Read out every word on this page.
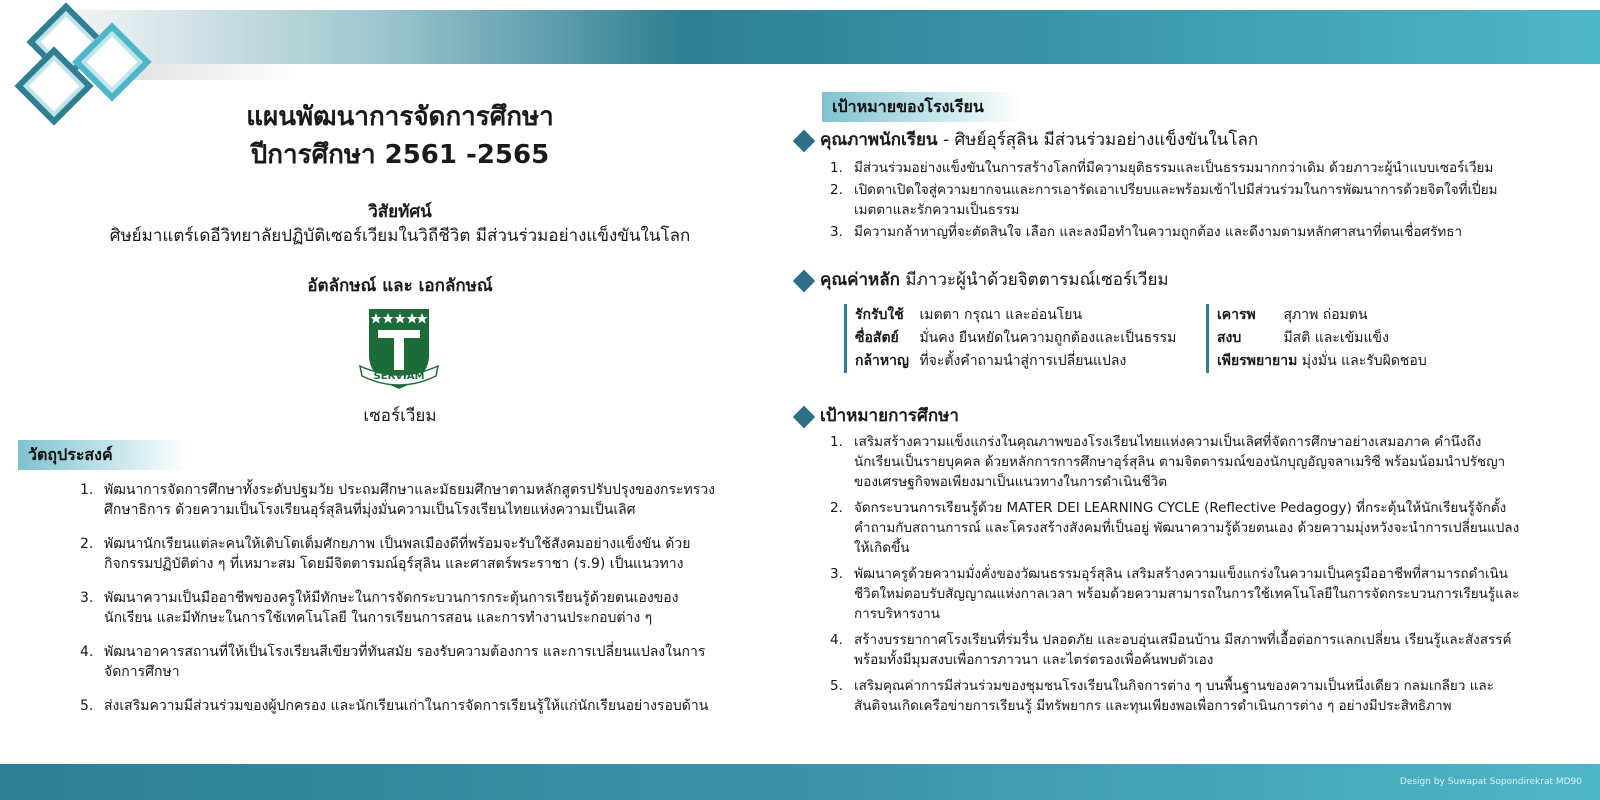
แผนพัฒนาการจัดการศึกษา
ปีการศึกษา 2561 -2565
วิสัยทัศน์
ศิษย์มาแตร์เดอีวิทยาลัยปฏิบัติเซอร์เวียมในวิถีชีวิต มีส่วนร่วมอย่างแข็งขันในโลก
อัตลักษณ์ และ เอกลักษณ์
SERVIAM
เซอร์เวียม
วัตถุประสงค์
1. พัฒนาการจัดการศึกษาทั้งระดับปฐมวัย ประถมศึกษาและมัธยมศึกษาตามหลักสูตรปรับปรุงของกระทรวงศึกษาธิการ ด้วยความเป็นโรงเรียนอุร์สุลินที่มุ่งมั่นความเป็นโรงเรียนไทยแห่งความเป็นเลิศ
2. พัฒนานักเรียนแต่ละคนให้เติบโตเต็มศักยภาพ เป็นพลเมืองดีที่พร้อมจะรับใช้สังคมอย่างแข็งขัน ด้วยกิจกรรมปฏิบัติต่าง ๆ ที่เหมาะสม โดยมีจิตตารมณ์อุร์สุลิน และศาสตร์พระราชา (ร.9) เป็นแนวทาง
3. พัฒนาความเป็นมืออาชีพของครูให้มีทักษะในการจัดกระบวนการกระตุ้นการเรียนรู้ด้วยตนเองของนักเรียน และมีทักษะในการใช้เทคโนโลยี ในการเรียนการสอน และการทำงานประกอบต่าง ๆ
4. พัฒนาอาคารสถานที่ให้เป็นโรงเรียนสีเขียวที่ทันสมัย รองรับความต้องการ และการเปลี่ยนแปลงในการจัดการศึกษา
5. ส่งเสริมความมีส่วนร่วมของผู้ปกครอง และนักเรียนเก่าในการจัดการเรียนรู้ให้แก่นักเรียนอย่างรอบด้าน
เป้าหมายของโรงเรียน
คุณภาพนักเรียน - ศิษย์อุร์สุลิน มีส่วนร่วมอย่างแข็งขันในโลก
1. มีส่วนร่วมอย่างแข็งขันในการสร้างโลกที่มีความยุติธรรมและเป็นธรรมมากกว่าเดิม ด้วยภาวะผู้นำแบบเซอร์เวียม
2. เปิดตาเปิดใจสู่ความยากจนและการเอารัดเอาเปรียบและพร้อมเข้าไปมีส่วนร่วมในการพัฒนาการด้วยจิตใจที่เปี่ยมเมตตาและรักความเป็นธรรม
3. มีความกล้าหาญที่จะตัดสินใจ เลือก และลงมือทำในความถูกต้อง และดีงามตามหลักศาสนาที่ตนเชื่อศรัทธา
คุณค่าหลัก มีภาวะผู้นำด้วยจิตตารมณ์เซอร์เวียม
รักรับใช้ เมตตา กรุณา และอ่อนโยน
ซื่อสัตย์ มั่นคง ยืนหยัดในความถูกต้องและเป็นธรรม
กล้าหาญ ที่จะตั้งคำถามนำสู่การเปลี่ยนแปลง
เคารพ สุภาพ ถ่อมตน
สงบ	มีสติ และเข้มแข็ง
เพียรพยายาม มุ่งมั่น และรับผิดชอบ
เป้าหมายการศึกษา
1. เสริมสร้างความแข็งแกร่งในคุณภาพของโรงเรียนไทยแห่งความเป็นเลิศที่จัดการศึกษาอย่างเสมอภาค คำนึงถึงนักเรียนเป็นรายบุคคล ด้วยหลักการการศึกษาอุร์สุลิน ตามจิตตารมณ์ของนักบุญอัญจลาเมริซี พร้อมน้อมนำปรัชญาของเศรษฐกิจพอเพียงมาเป็นแนวทางในการดำเนินชีวิต
2. จัดกระบวนการเรียนรู้ด้วย MATER DEI LEARNING CYCLE (Reflective Pedagogy) ที่กระตุ้นให้นักเรียนรู้จักตั้งคำถามกับสถานการณ์ และโครงสร้างสังคมที่เป็นอยู่ พัฒนาความรู้ด้วยตนเอง ด้วยความมุ่งหวังจะนำการเปลี่ยนแปลงให้เกิดขึ้น
3. พัฒนาครูด้วยความมั่งคั่งของวัฒนธรรมอุร์สุลิน เสริมสร้างความแข็งแกร่งในความเป็นครูมืออาชีพที่สามารถดำเนินชีวิตใหม่ตอบรับสัญญาณแห่งกาลเวลา พร้อมด้วยความสามารถในการใช้เทคโนโลยีในการจัดกระบวนการเรียนรู้และการบริหารงาน
4. สร้างบรรยากาศโรงเรียนที่ร่มรื่น ปลอดภัย และอบอุ่นเสมือนบ้าน มีสภาพที่เอื้อต่อการแลกเปลี่ยน เรียนรู้และสังสรรค์ พร้อมทั้งมีมุมสงบเพื่อการภาวนา และไตร่ตรองเพื่อค้นพบตัวเอง
5. เสริมคุณค่าการมีส่วนร่วมของชุมชนโรงเรียนในกิจการต่าง ๆ บนพื้นฐานของความเป็นหนึ่งเดียว กลมเกลียว และสันติจนเกิดเครือข่ายการเรียนรู้ มีทรัพยากร และทุนเพียงพอเพื่อการดำเนินการต่าง ๆ อย่างมีประสิทธิภาพ
Design by Suwapat Sopondirekrat MD90
